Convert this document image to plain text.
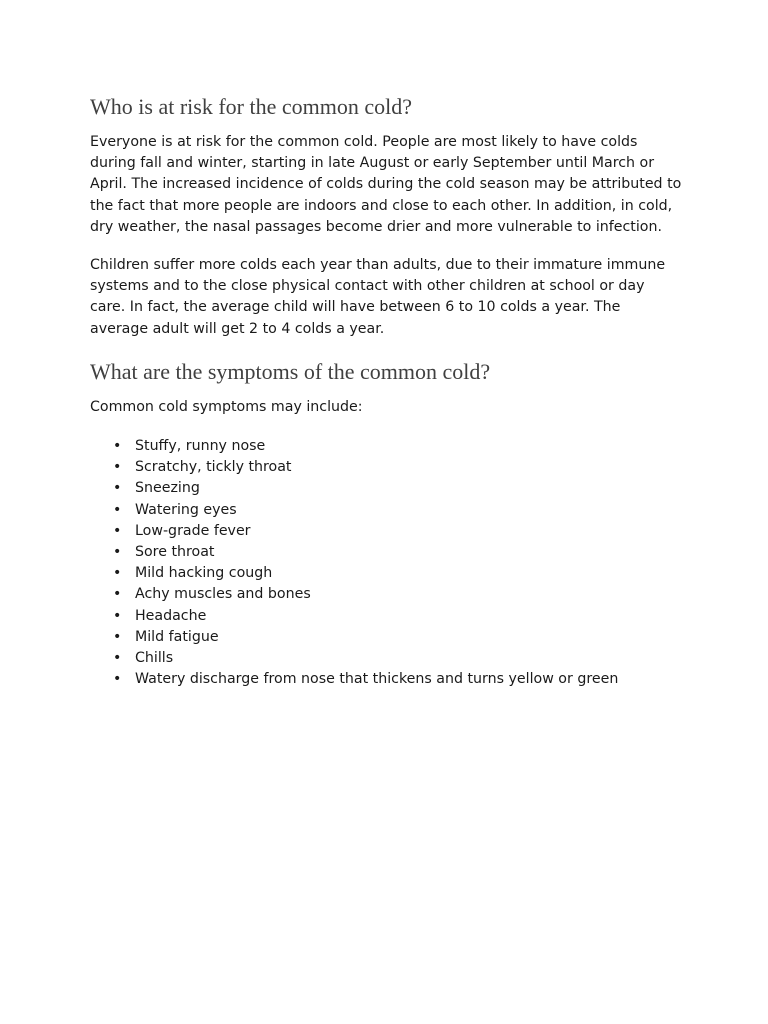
Who is at risk for the common cold?

Everyone is at risk for the common cold. People are most likely to have colds during fall and winter, starting in late August or early September until March or April. The increased incidence of colds during the cold season may be attributed to the fact that more people are indoors and close to each other. In addition, in cold, dry weather, the nasal passages become drier and more vulnerable to infection.

Children suffer more colds each year than adults, due to their immature immune systems and to the close physical contact with other children at school or day care. In fact, the average child will have between 6 to 10 colds a year. The average adult will get 2 to 4 colds a year.

What are the symptoms of the common cold?

Common cold symptoms may include:

• Stuffy, runny nose
• Scratchy, tickly throat
• Sneezing
• Watering eyes
• Low-grade fever
• Sore throat
• Mild hacking cough
• Achy muscles and bones
• Headache
• Mild fatigue
• Chills
• Watery discharge from nose that thickens and turns yellow or green
